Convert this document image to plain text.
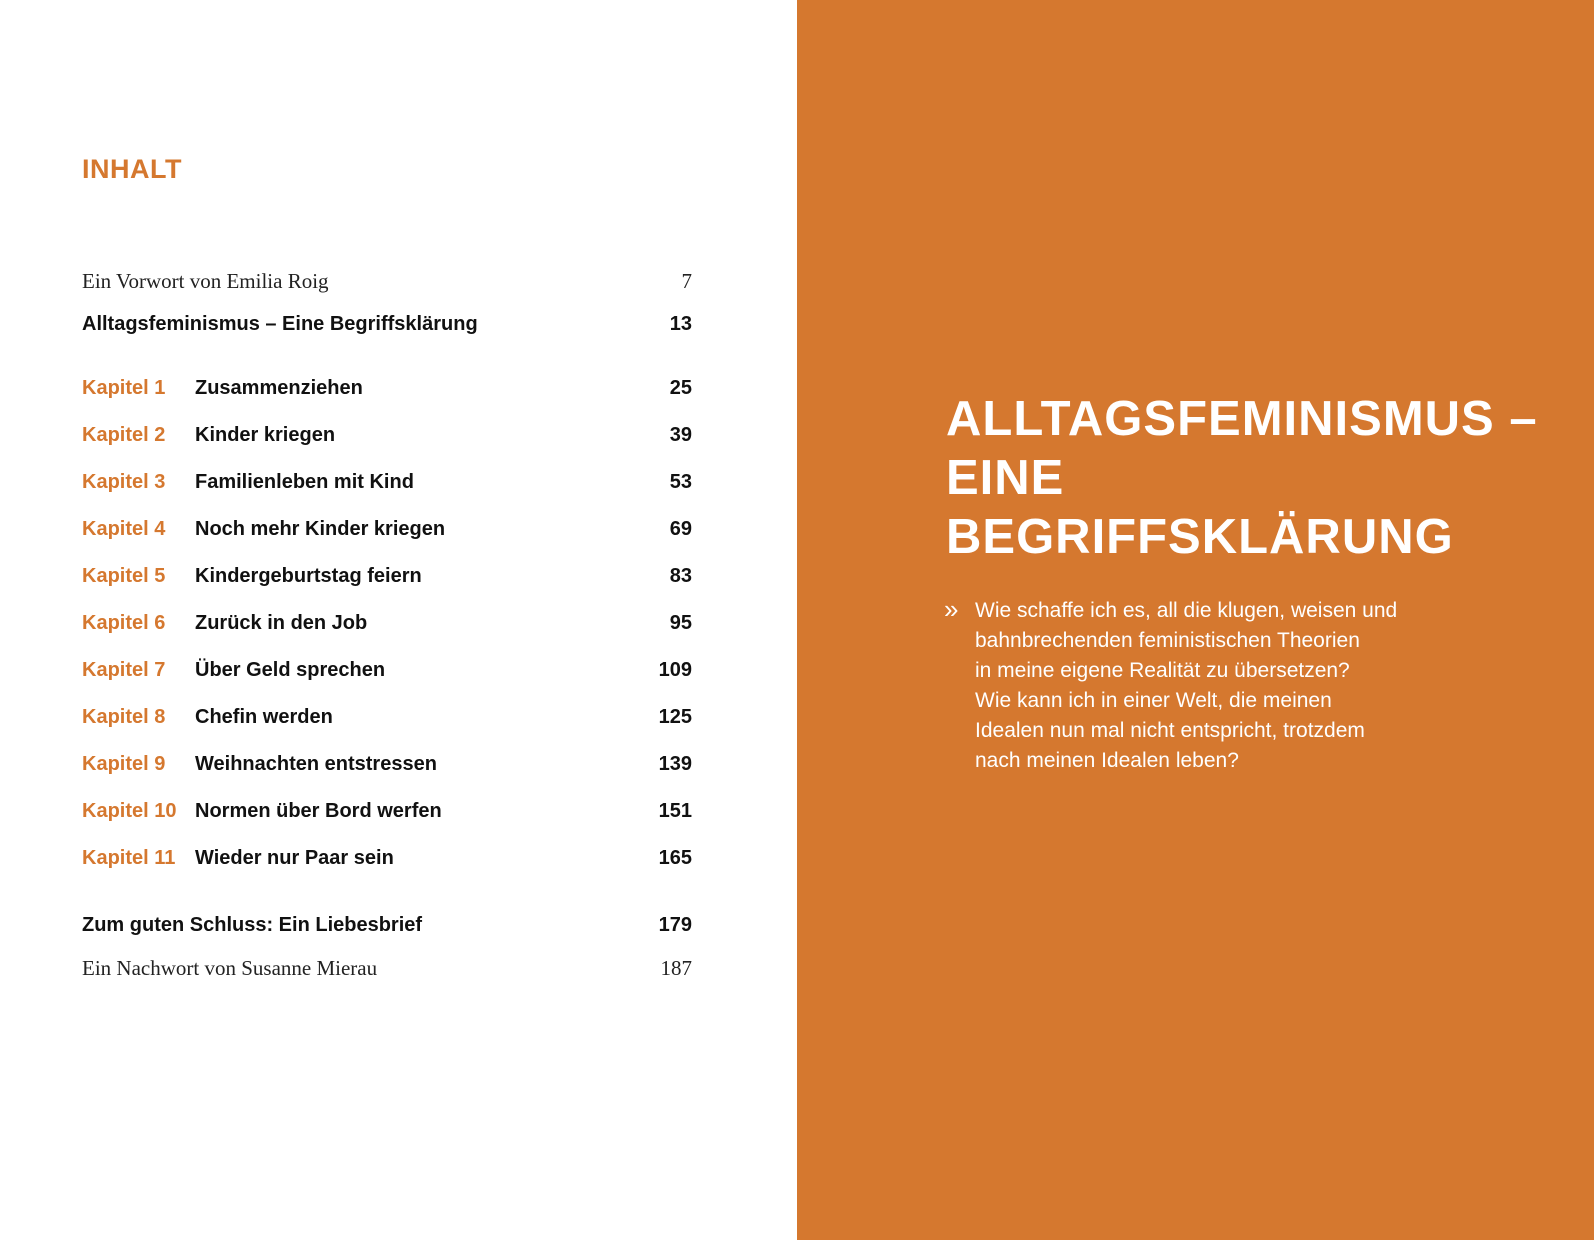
INHALT
Ein Vorwort von Emilia Roig	7
Alltagsfeminismus – Eine Begriffsklärung	13
Kapitel 1 Zusammenziehen	25
Kapitel 2 Kinder kriegen	39
Kapitel 3 Familienleben mit Kind	53
Kapitel 4 Noch mehr Kinder kriegen	69
Kapitel 5 Kindergeburtstag feiern	83
Kapitel 6 Zurück in den Job	95
Kapitel 7 Über Geld sprechen	109
Kapitel 8 Chefin werden	125
Kapitel 9 Weihnachten entstressen	139
Kapitel 10 Normen über Bord werfen	151
Kapitel 11 Wieder nur Paar sein	165
Zum guten Schluss: Ein Liebesbrief	179
Ein Nachwort von Susanne Mierau	187
ALLTAGSFEMINISMUS –
EINE
BEGRIFFSKLÄRUNG
» Wie schaffe ich es, all die klugen, weisen und
bahnbrechenden feministischen Theorien
in meine eigene Realität zu übersetzen?
Wie kann ich in einer Welt, die meinen
Idealen nun mal nicht entspricht, trotzdem
nach meinen Idealen leben?
